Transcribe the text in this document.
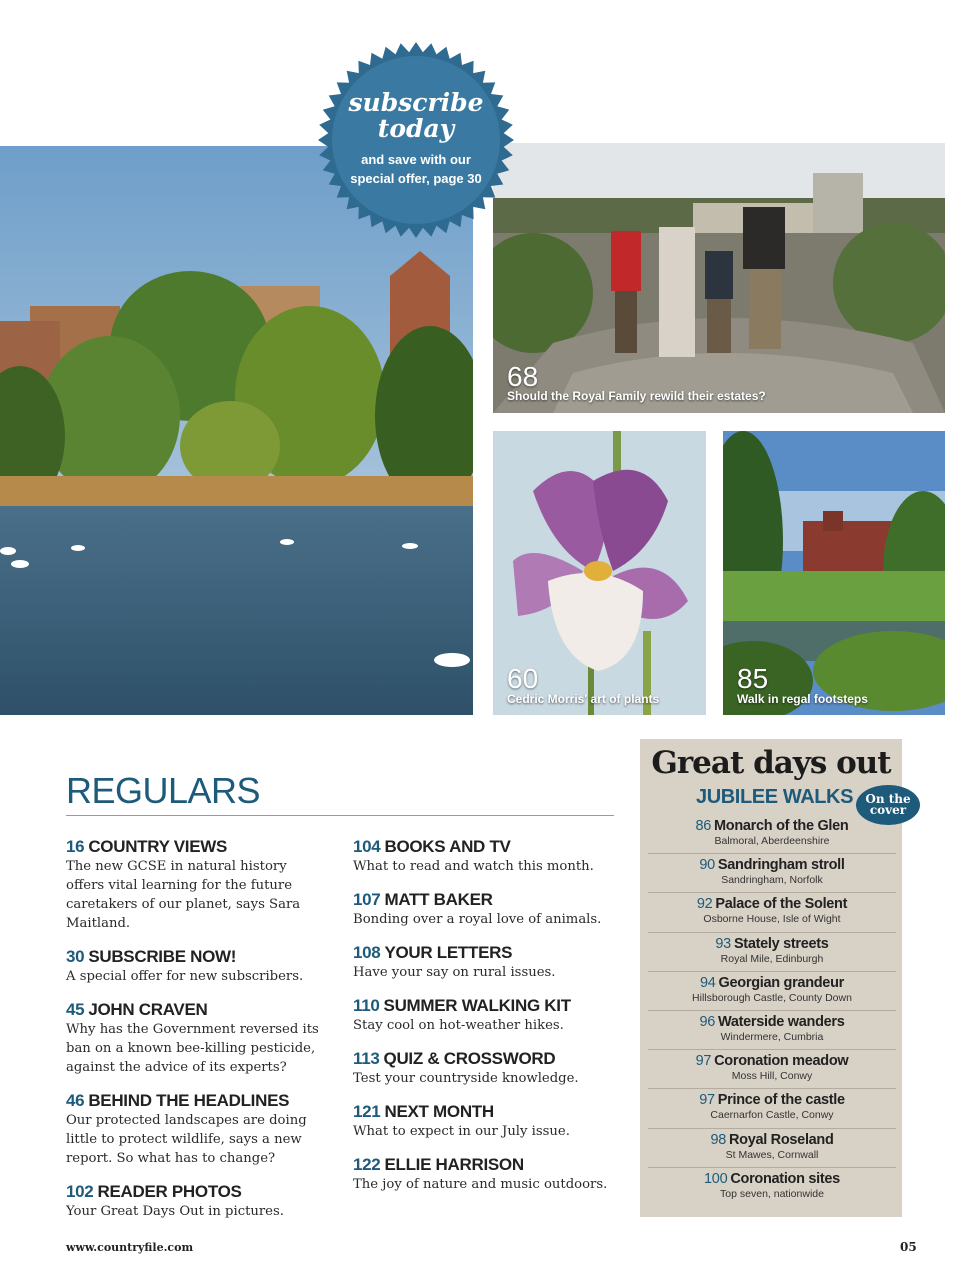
68
Should the Royal Family rewild their estates?
60
Cedric Morris' art of plants
85
Walk in regal footsteps
subscribe
today
and save with our special offer, page 30
REGULARS
16 COUNTRY VIEWS
The new GCSE in natural history offers vital learning for the future caretakers of our planet, says Sara Maitland.
30 SUBSCRIBE NOW!
A special offer for new subscribers.
45 JOHN CRAVEN
Why has the Government reversed its ban on a known bee-killing pesticide, against the advice of its experts?
46 BEHIND THE HEADLINES
Our protected landscapes are doing little to protect wildlife, says a new report. So what has to change?
102 READER PHOTOS
Your Great Days Out in pictures.
104 BOOKS AND TV
What to read and watch this month.
107 MATT BAKER
Bonding over a royal love of animals.
108 YOUR LETTERS
Have your say on rural issues.
110 SUMMER WALKING KIT
Stay cool on hot-weather hikes.
113 QUIZ & CROSSWORD
Test your countryside knowledge.
121 NEXT MONTH
What to expect in our July issue.
122 ELLIE HARRISON
The joy of nature and music outdoors.
Great days out
JUBILEE WALKS	On the
cover
86 Monarch of the Glen
Balmoral, Aberdeenshire
90 Sandringham stroll
Sandringham, Norfolk
92 Palace of the Solent
Osborne House, Isle of Wight
93 Stately streets
Royal Mile, Edinburgh
94 Georgian grandeur
Hillsborough Castle, County Down
96 Waterside wanders
Windermere, Cumbria
97 Coronation meadow
Moss Hill, Conwy
97 Prince of the castle
Caernarfon Castle, Conwy
98 Royal Roseland
St Mawes, Cornwall
100 Coronation sites
Top seven, nationwide
www.countryfile.com	05
